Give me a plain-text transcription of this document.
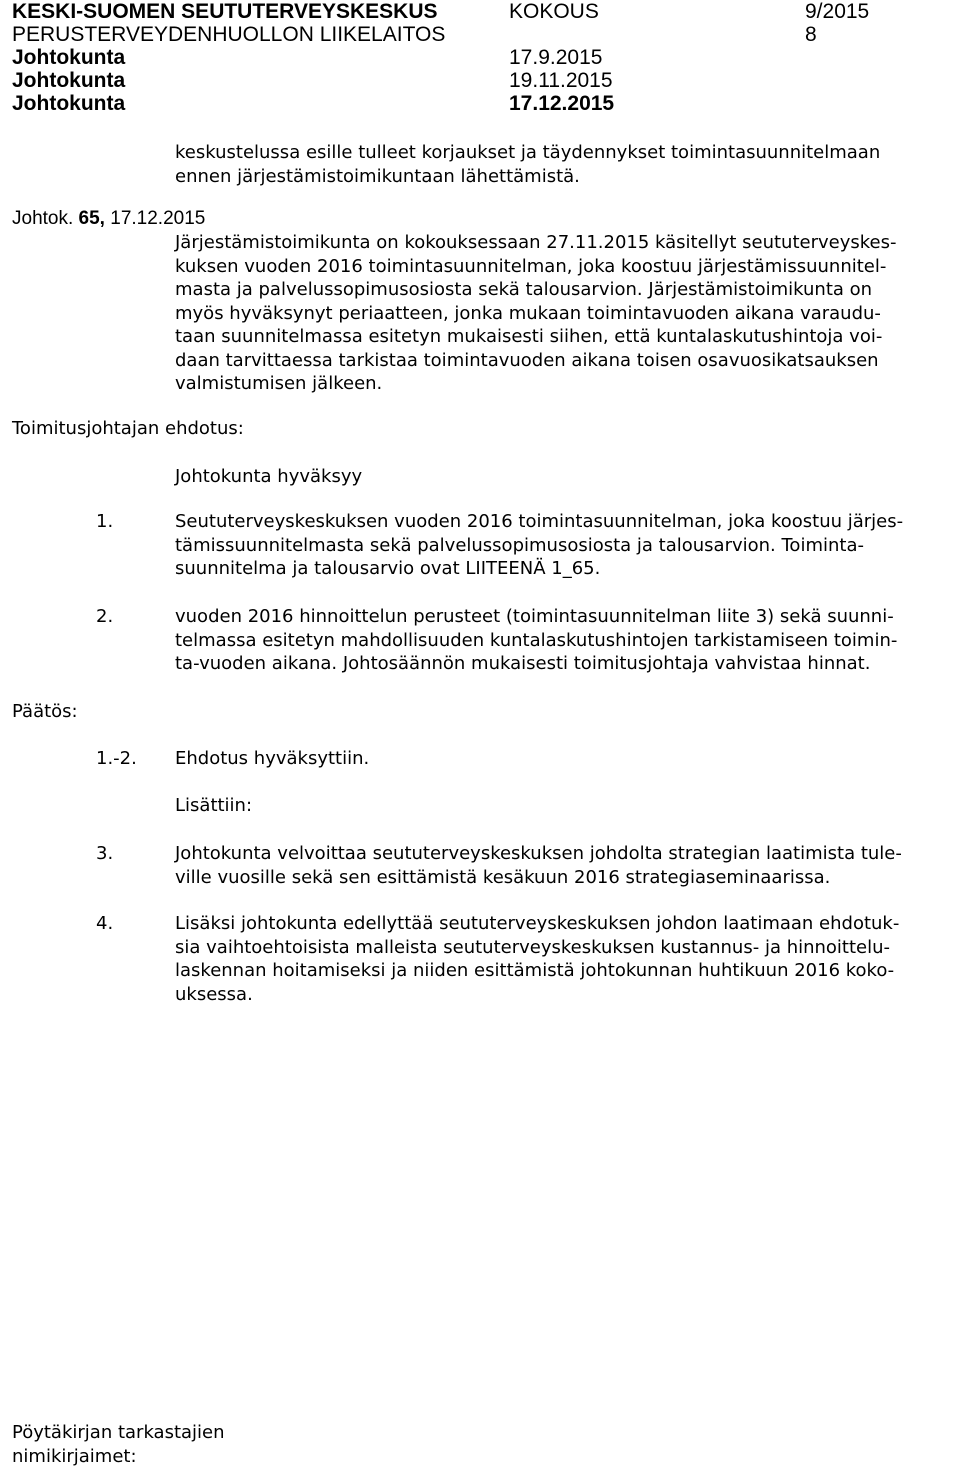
KESKI-SUOMEN SEUTUTERVEYSKESKUS	KOKOUS	9/2015
PERUSTERVEYDENHUOLLON LIIKELAITOS	8
Johtokunta	17.9.2015
Johtokunta	19.11.2015
Johtokunta	17.12.2015
keskustelussa esille tulleet korjaukset ja täydennykset toimintasuunnitelmaan
ennen järjestämistoimikuntaan lähettämistä.
Johtok. 65, 17.12.2015
Järjestämistoimikunta on kokouksessaan 27.11.2015 käsitellyt seututerveyskes-
kuksen vuoden 2016 toimintasuunnitelman, joka koostuu järjestämissuunnitel-
masta ja palvelussopimusosiosta sekä talousarvion. Järjestämistoimikunta on
myös hyväksynyt periaatteen, jonka mukaan toimintavuoden aikana varaudu-
taan suunnitelmassa esitetyn mukaisesti siihen, että kuntalaskutushintoja voi-
daan tarvittaessa tarkistaa toimintavuoden aikana toisen osavuosikatsauksen
valmistumisen jälkeen.
Toimitusjohtajan ehdotus:
Johtokunta hyväksyy
1.	Seututerveyskeskuksen vuoden 2016 toimintasuunnitelman, joka koostuu järjes-
tämissuunnitelmasta sekä palvelussopimusosiosta ja talousarvion. Toiminta-
suunnitelma ja talousarvio ovat LIITEENÄ 1_65.
2.	vuoden 2016 hinnoittelun perusteet (toimintasuunnitelman liite 3) sekä suunni-
telmassa esitetyn mahdollisuuden kuntalaskutushintojen tarkistamiseen toimin-
ta-vuoden aikana. Johtosäännön mukaisesti toimitusjohtaja vahvistaa hinnat.
Päätös:
1.-2. Ehdotus hyväksyttiin.
Lisättiin:
3.	Johtokunta velvoittaa seututerveyskeskuksen johdolta strategian laatimista tule-
ville vuosille sekä sen esittämistä kesäkuun 2016 strategiaseminaarissa.
4.	Lisäksi johtokunta edellyttää seututerveyskeskuksen johdon laatimaan ehdotuk-
sia vaihtoehtoisista malleista seututerveyskeskuksen kustannus- ja hinnoittelu-
laskennan hoitamiseksi ja niiden esittämistä johtokunnan huhtikuun 2016 koko-
uksessa.
Pöytäkirjan tarkastajien
nimikirjaimet:
